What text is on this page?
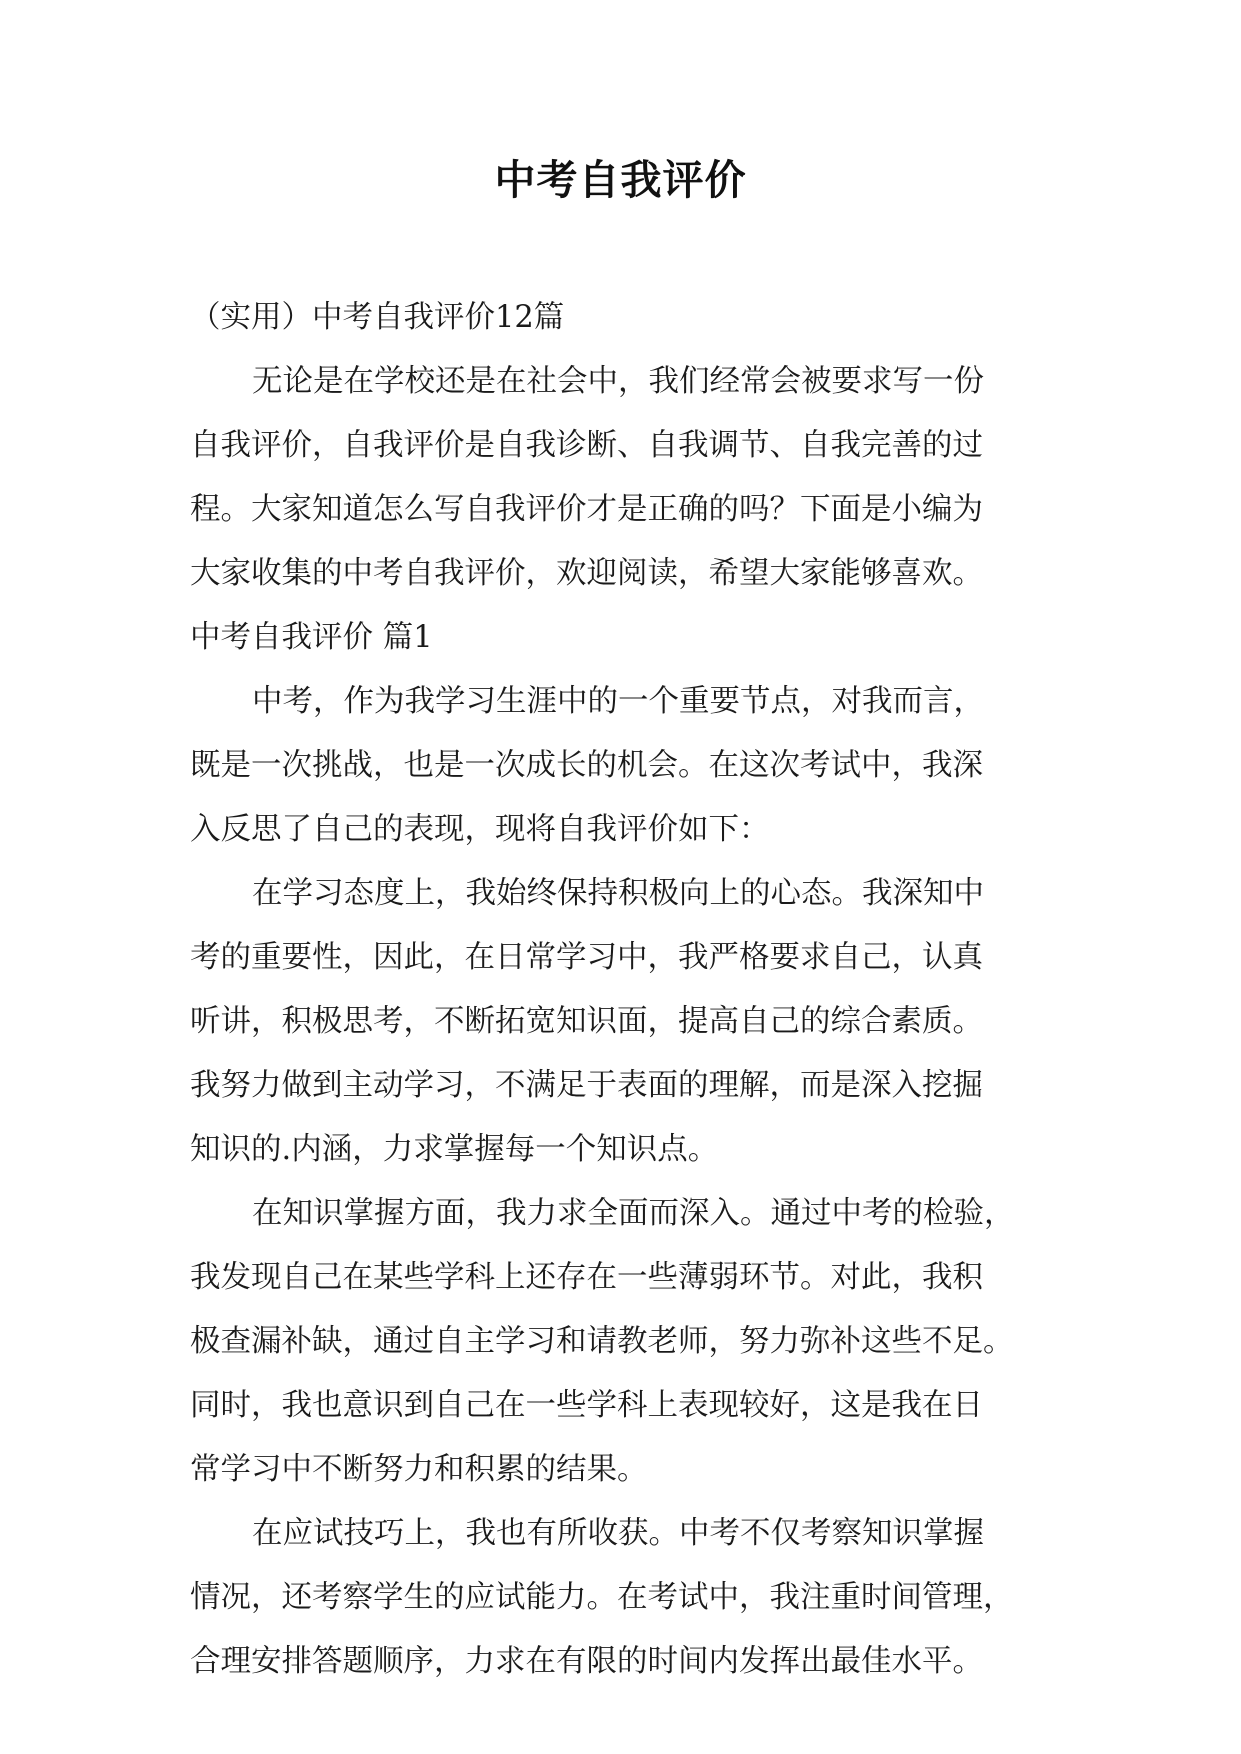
中考自我评价
（实用）中考自我评价12篇
无论是在学校还是在社会中，我们经常会被要求写一份
自我评价，自我评价是自我诊断、自我调节、自我完善的过
程。大家知道怎么写自我评价才是正确的吗？下面是小编为
大家收集的中考自我评价，欢迎阅读，希望大家能够喜欢。
中考自我评价 篇1
中考，作为我学习生涯中的一个重要节点，对我而言，
既是一次挑战，也是一次成长的机会。在这次考试中，我深
入反思了自己的表现，现将自我评价如下：
在学习态度上，我始终保持积极向上的心态。我深知中
考的重要性，因此，在日常学习中，我严格要求自己，认真
听讲，积极思考，不断拓宽知识面，提高自己的综合素质。
我努力做到主动学习，不满足于表面的理解，而是深入挖掘
知识的.内涵，力求掌握每一个知识点。
在知识掌握方面，我力求全面而深入。通过中考的检验，
我发现自己在某些学科上还存在一些薄弱环节。对此，我积
极查漏补缺，通过自主学习和请教老师，努力弥补这些不足。
同时，我也意识到自己在一些学科上表现较好，这是我在日
常学习中不断努力和积累的结果。
在应试技巧上，我也有所收获。中考不仅考察知识掌握
情况，还考察学生的应试能力。在考试中，我注重时间管理，
合理安排答题顺序，力求在有限的时间内发挥出最佳水平。
